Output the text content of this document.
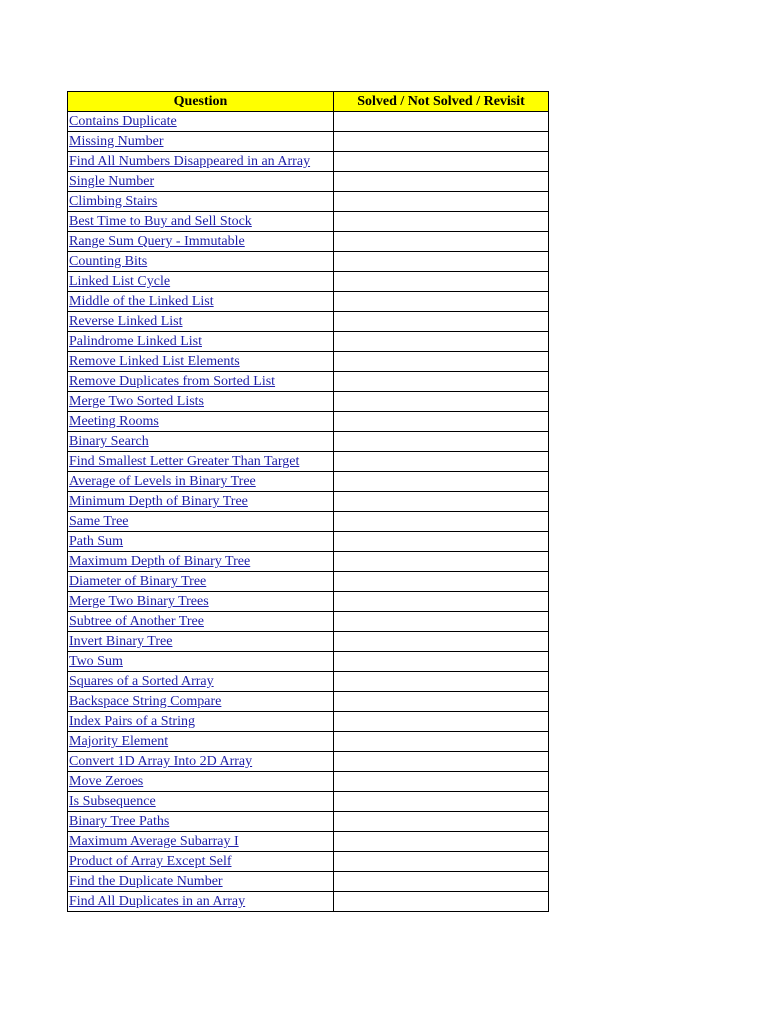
Question	Solved / Not Solved / Revisit
Contains Duplicate	
Missing Number	
Find All Numbers Disappeared in an Array	
Single Number	
Climbing Stairs	
Best Time to Buy and Sell Stock	
Range Sum Query - Immutable	
Counting Bits	
Linked List Cycle	
Middle of the Linked List	
Reverse Linked List	
Palindrome Linked List	
Remove Linked List Elements	
Remove Duplicates from Sorted List	
Merge Two Sorted Lists	
Meeting Rooms	
Binary Search	
Find Smallest Letter Greater Than Target	
Average of Levels in Binary Tree	
Minimum Depth of Binary Tree	
Same Tree	
Path Sum	
Maximum Depth of Binary Tree	
Diameter of Binary Tree	
Merge Two Binary Trees	
Subtree of Another Tree	
Invert Binary Tree	
Two Sum	
Squares of a Sorted Array	
Backspace String Compare	
Index Pairs of a String	
Majority Element	
Convert 1D Array Into 2D Array	
Move Zeroes	
Is Subsequence	
Binary Tree Paths	
Maximum Average Subarray I	
Product of Array Except Self	
Find the Duplicate Number	
Find All Duplicates in an Array	
